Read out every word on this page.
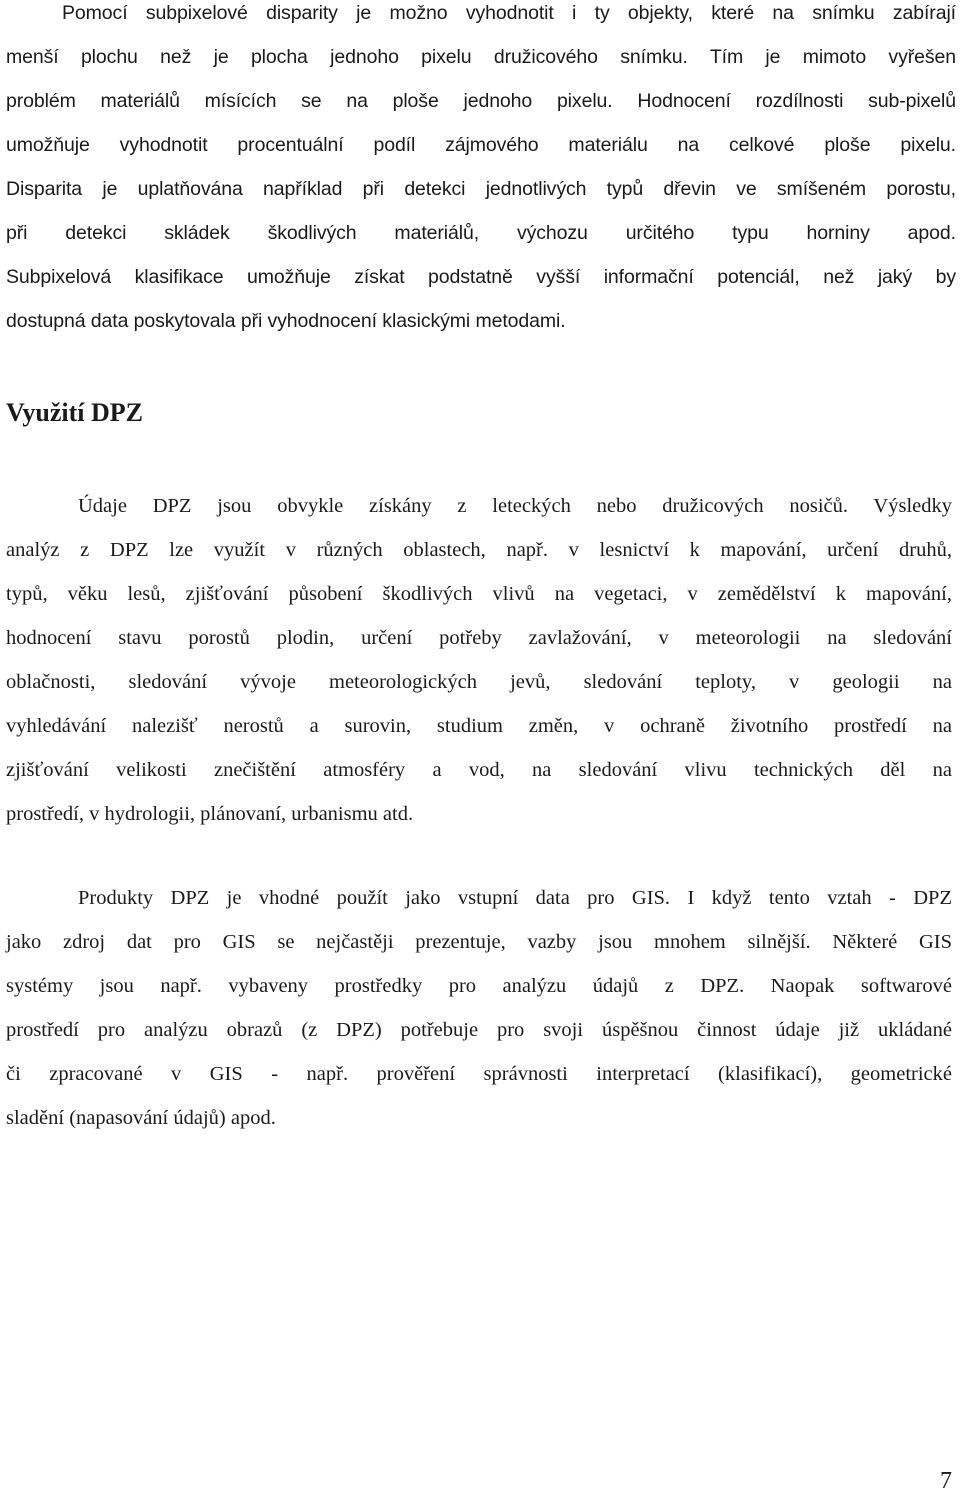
Pomocí subpixelové disparity je možno vyhodnotit i ty objekty, které na snímku zabírají
menší plochu než je plocha jednoho pixelu družicového snímku. Tím je mimoto vyřešen
problém materiálů mísících se na ploše jednoho pixelu. Hodnocení rozdílnosti sub-pixelů
umožňuje vyhodnotit procentuální podíl zájmového materiálu na celkové ploše pixelu.
Disparita je uplatňována například při detekci jednotlivých typů dřevin ve smíšeném porostu,
při detekci skládek škodlivých materiálů, výchozu určitého typu horniny apod.
Subpixelová klasifikace umožňuje získat podstatně vyšší informační potenciál, než jaký by
dostupná data poskytovala při vyhodnocení klasickými metodami.

Využití DPZ

Údaje DPZ jsou obvykle získány z leteckých nebo družicových nosičů. Výsledky
analýz z DPZ lze využít v různých oblastech, např. v lesnictví k mapování, určení druhů,
typů, věku lesů, zjišťování působení škodlivých vlivů na vegetaci, v zemědělství k mapování,
hodnocení stavu porostů plodin, určení potřeby zavlažování, v meteorologii na sledování
oblačnosti, sledování vývoje meteorologických jevů, sledování teploty, v geologii na
vyhledávání nalezišť nerostů a surovin, studium změn, v ochraně životního prostředí na
zjišťování velikosti znečištění atmosféry a vod, na sledování vlivu technických děl na
prostředí, v hydrologii, plánovaní, urbanismu atd.

Produkty DPZ je vhodné použít jako vstupní data pro GIS. I když tento vztah - DPZ
jako zdroj dat pro GIS se nejčastěji prezentuje, vazby jsou mnohem silnější. Některé GIS
systémy jsou např. vybaveny prostředky pro analýzu údajů z DPZ. Naopak softwarové
prostředí pro analýzu obrazů (z DPZ) potřebuje pro svoji úspěšnou činnost údaje již ukládané
či zpracované v GIS - např. prověření správnosti interpretací (klasifikací), geometrické
sladění (napasování údajů) apod.

7
